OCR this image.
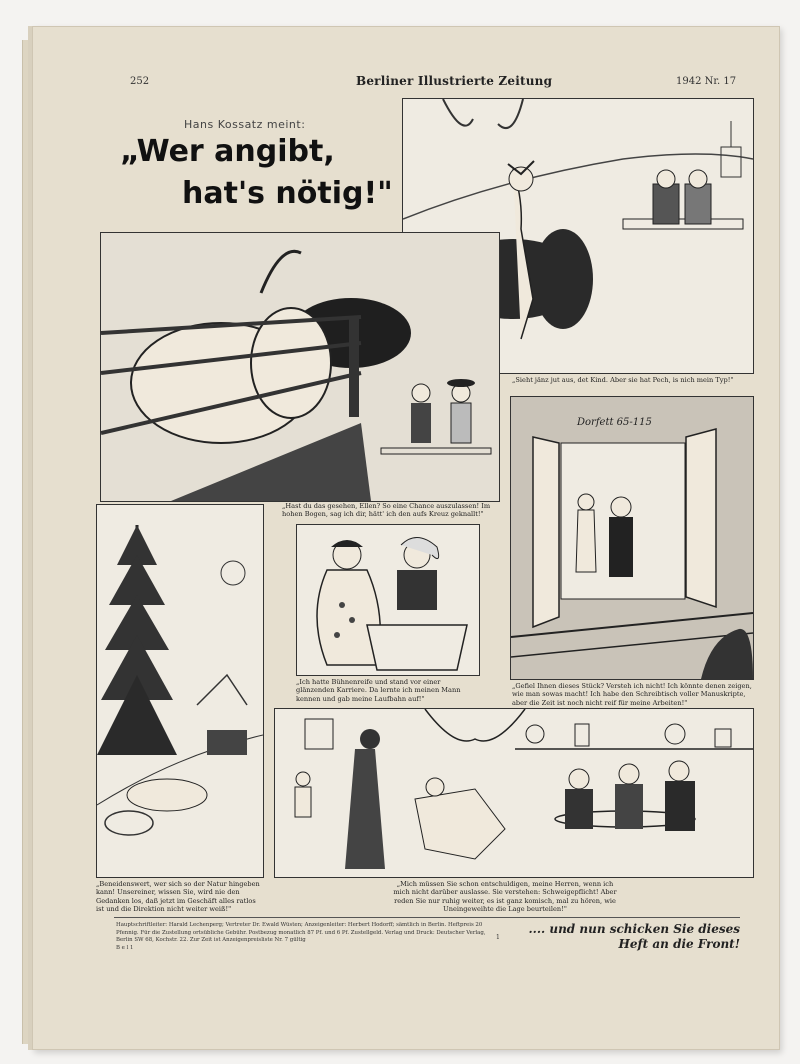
252	Berliner Illustrierte Zeitung	1942 Nr. 17
Hans Kossatz meint:
„Wer angibt,
hat's nötig!"
„Sieht jänz jut aus, det Kind. Aber sie hat Pech, is nich mein Typ!"
„Hast du das gesehen, Ellen? So eine Chance auszulassen! Im hohen Bogen, sag ich dir, hätt' ich den aufs Kreuz geknallt!"
Dorfett 65-115
„Gefiel Ihnen dieses Stück? Versteh ich nicht! Ich könnte denen zeigen, wie man sowas macht! Ich habe den Schreibtisch voller Manuskripte, aber die Zeit ist noch nicht reif für meine Arbeiten!"
„Ich hatte Bühnenreife und stand vor einer glänzenden Karriere. Da lernte ich meinen Mann kennen und gab meine Laufbahn auf!"
„Beneidenswert, wer sich so der Natur hingeben kann! Unsereiner, wissen Sie, wird nie den Gedanken los, daß jetzt im Geschäft alles ratlos ist und die Direktion nicht weiter weiß!"
„Mich müssen Sie schon entschuldigen, meine Herren, wenn ich mich nicht darüber auslasse. Sie verstehen: Schweigepflicht! Aber reden Sie nur ruhig weiter, es ist ganz komisch, mal zu hören, wie Uneingeweihte die Lage beurteilen!"
Hauptschriftleiter: Harald Lechenperg; Vertreter Dr. Ewald Wüsten; Anzeigenleiter: Herbert Hodorff; sämtlich in Berlin. Heftpreis 20 Pfennig. Für die Zustellung ortsübliche Gebühr. Postbezug monatlich 87 Pf. und 6 Pf. Zustellgeld. Verlag und Druck: Deutscher Verlag, Berlin SW 68, Kochstr. 22. Zur Zeit ist Anzeigenpreisliste Nr. 7 gültig
B e l 1
1
.... und nun schicken Sie dieses Heft an die Front!
